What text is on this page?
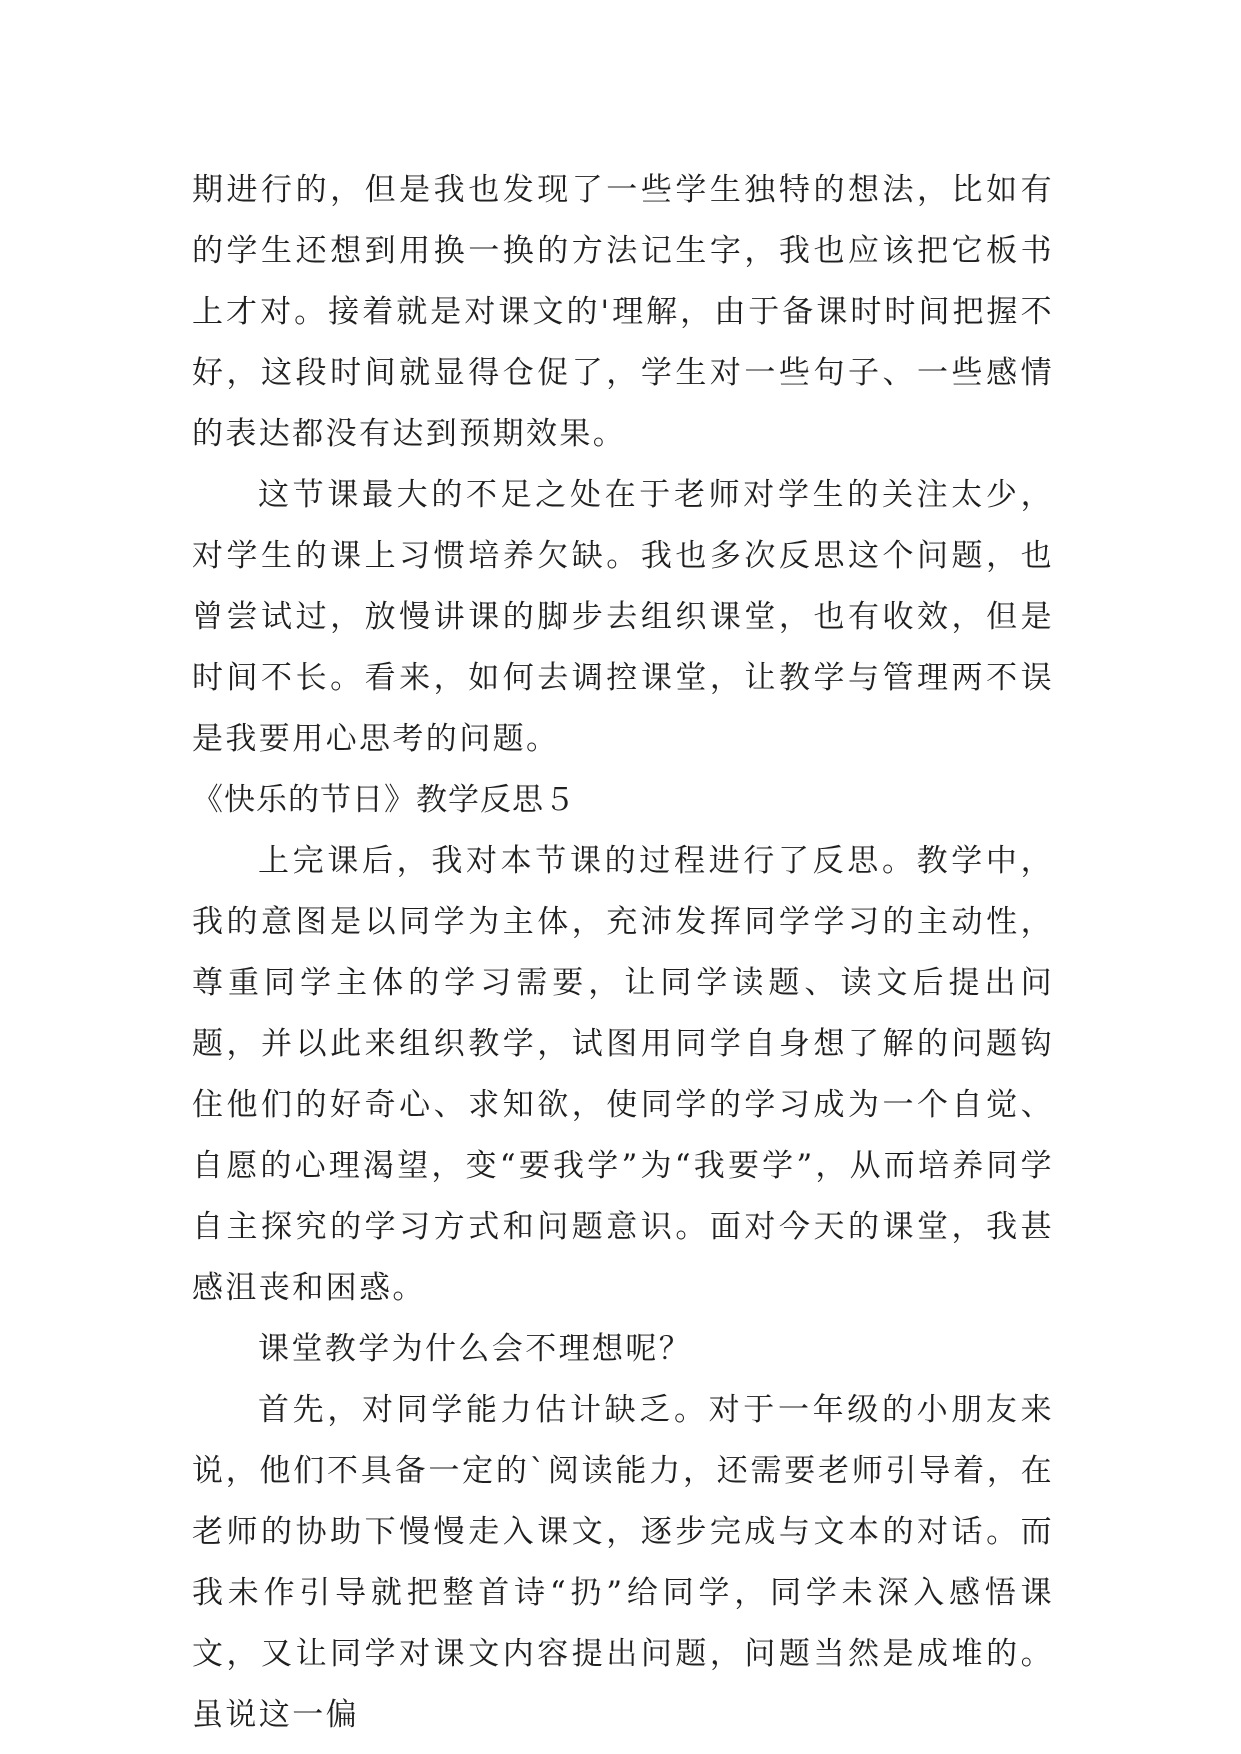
期进行的，但是我也发现了一些学生独特的想法，比如有的学生还想到用换一换的方法记生字，我也应该把它板书上才对。接着就是对课文的'理解，由于备课时时间把握不好，这段时间就显得仓促了，学生对一些句子、一些感情的表达都没有达到预期效果。

这节课最大的不足之处在于老师对学生的关注太少，对学生的课上习惯培养欠缺。我也多次反思这个问题，也曾尝试过，放慢讲课的脚步去组织课堂，也有收效，但是时间不长。看来，如何去调控课堂，让教学与管理两不误是我要用心思考的问题。

《快乐的节日》教学反思５

上完课后，我对本节课的过程进行了反思。教学中，我的意图是以同学为主体，充沛发挥同学学习的主动性，尊重同学主体的学习需要，让同学读题、读文后提出问题，并以此来组织教学，试图用同学自身想了解的问题钩住他们的好奇心、求知欲，使同学的学习成为一个自觉、自愿的心理渴望，变“要我学”为“我要学”，从而培养同学自主探究的学习方式和问题意识。面对今天的课堂，我甚感沮丧和困惑。

课堂教学为什么会不理想呢？

首先，对同学能力估计缺乏。对于一年级的小朋友来说，他们不具备一定的`阅读能力，还需要老师引导着，在老师的协助下慢慢走入课文，逐步完成与文本的对话。而我未作引导就把整首诗“扔”给同学，同学未深入感悟课文，又让同学对课文内容提出问题，问题当然是成堆的。虽说这一偏
